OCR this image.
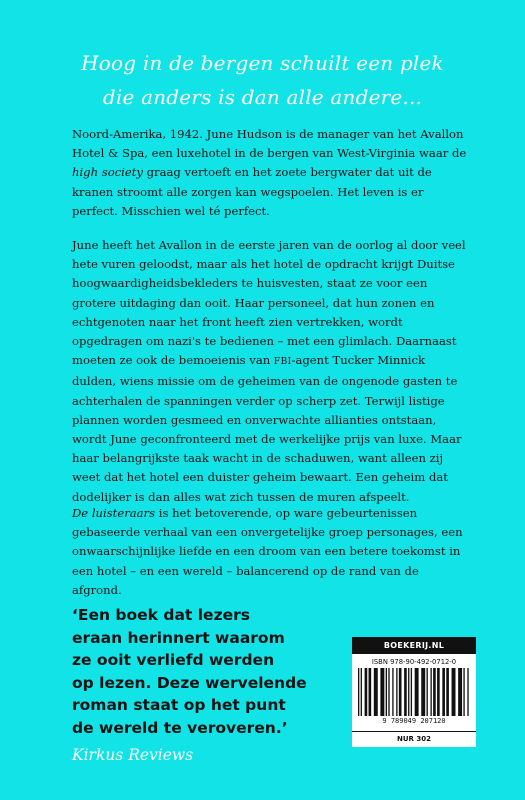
Hoog in de bergen schuilt een plek
die anders is dan alle andere...

Noord-Amerika, 1942. June Hudson is de manager van het Avallon Hotel & Spa, een luxehotel in de bergen van West-Virginia waar de high society graag vertoeft en het zoete bergwater dat uit de kranen stroomt alle zorgen kan wegspoelen. Het leven is er perfect. Misschien wel té perfect.

June heeft het Avallon in de eerste jaren van de oorlog al door veel hete vuren geloodst, maar als het hotel de opdracht krijgt Duitse hoogwaardigheidsbekleders te huisvesten, staat ze voor een grotere uitdaging dan ooit. Haar personeel, dat hun zonen en echtgenoten naar het front heeft zien vertrekken, wordt opgedragen om nazi's te bedienen – met een glimlach. Daarnaast moeten ze ook de bemoeienis van FBI-agent Tucker Minnick dulden, wiens missie om de geheimen van de ongenode gasten te achterhalen de spanningen verder op scherp zet. Terwijl listige plannen worden gesmeed en onverwachte allianties ontstaan, wordt June geconfronteerd met de werkelijke prijs van luxe. Maar haar belangrijkste taak wacht in de schaduwen, want alleen zij weet dat het hotel een duister geheim bewaart. Een geheim dat dodelijker is dan alles wat zich tussen de muren afspeelt.

De luisteraars is het betoverende, op ware gebeurtenissen gebaseerde verhaal van een onvergetelijke groep personages, een onwaarschijnlijke liefde en een droom van een betere toekomst in een hotel – en een wereld – balancerend op de rand van de afgrond.

‘Een boek dat lezers
eraan herinnert waarom
ze ooit verliefd werden
op lezen. Deze wervelende
roman staat op het punt
de wereld te veroveren.’
Kirkus Reviews
BOEKERIJ.NL
ISBN 978-90-492-0712-0
9 789049 207120
NUR 302
